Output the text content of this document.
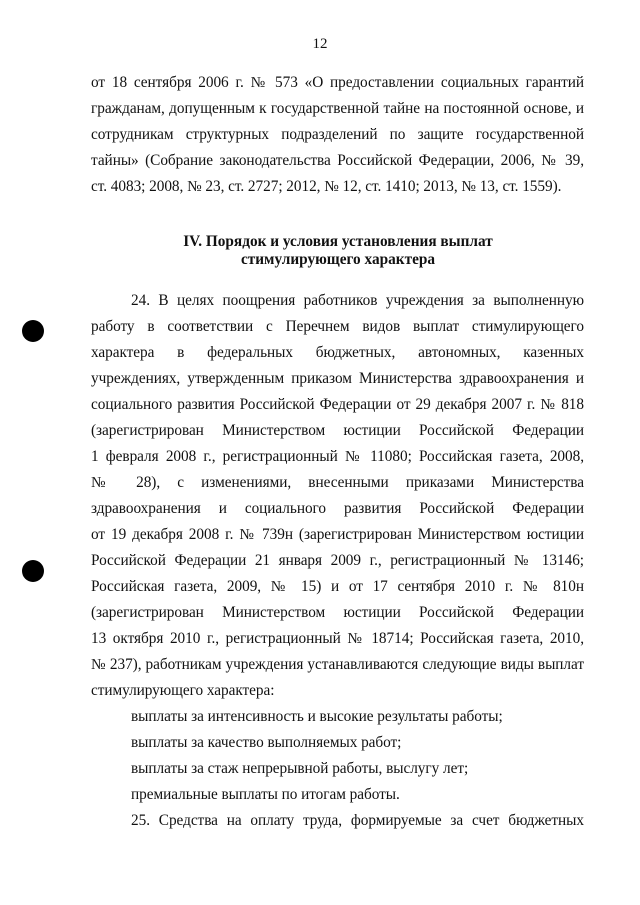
12
от 18 сентября 2006 г. № 573 «О предоставлении социальных гарантий
гражданам, допущенным к государственной тайне на постоянной основе, и
сотрудникам структурных подразделений по защите государственной
тайны» (Собрание законодательства Российской Федерации, 2006, № 39,
ст. 4083; 2008, № 23, ст. 2727; 2012, № 12, ст. 1410; 2013, № 13, ст. 1559).
IV. Порядок и условия установления выплат
стимулирующего характера
24. В целях поощрения работников учреждения за выполненную
работу в соответствии с Перечнем видов выплат стимулирующего
характера в федеральных бюджетных, автономных, казенных
учреждениях, утвержденным приказом Министерства здравоохранения и
социального развития Российской Федерации от 29 декабря 2007 г. № 818
(зарегистрирован Министерством юстиции Российской Федерации
1 февраля 2008 г., регистрационный № 11080; Российская газета, 2008,
№ 28), с изменениями, внесенными приказами Министерства
здравоохранения и социального развития Российской Федерации
от 19 декабря 2008 г. № 739н (зарегистрирован Министерством юстиции
Российской Федерации 21 января 2009 г., регистрационный № 13146;
Российская газета, 2009, № 15) и от 17 сентября 2010 г. № 810н
(зарегистрирован Министерством юстиции Российской Федерации
13 октября 2010 г., регистрационный № 18714; Российская газета, 2010,
№ 237), работникам учреждения устанавливаются следующие виды выплат
стимулирующего характера:
выплаты за интенсивность и высокие результаты работы;
выплаты за качество выполняемых работ;
выплаты за стаж непрерывной работы, выслугу лет;
премиальные выплаты по итогам работы.
25. Средства на оплату труда, формируемые за счет бюджетных
